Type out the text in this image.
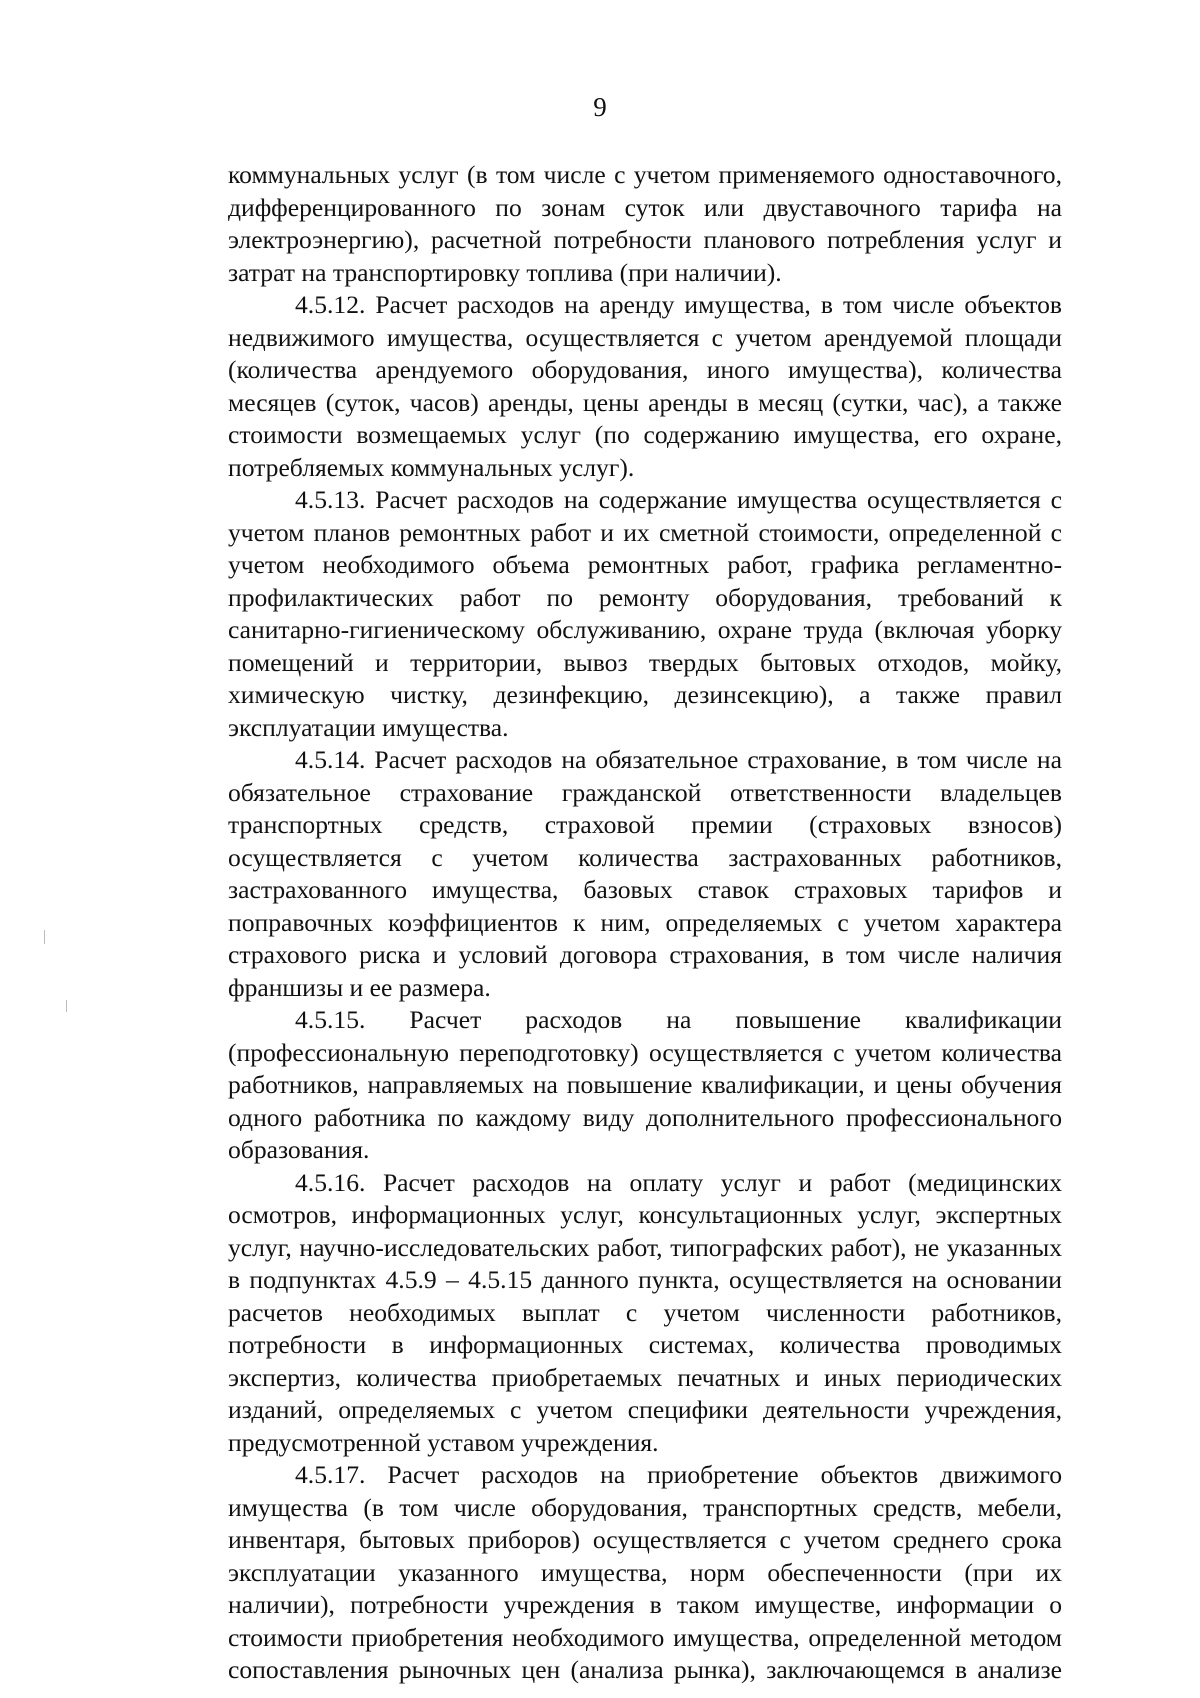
9

коммунальных услуг (в том числе с учетом применяемого одноставочного, дифференцированного по зонам суток или двуставочного тарифа на электроэнергию), расчетной потребности планового потребления услуг и затрат на транспортировку топлива (при наличии).

4.5.12. Расчет расходов на аренду имущества, в том числе объектов недвижимого имущества, осуществляется с учетом арендуемой площади (количества арендуемого оборудования, иного имущества), количества месяцев (суток, часов) аренды, цены аренды в месяц (сутки, час), а также стоимости возмещаемых услуг (по содержанию имущества, его охране, потребляемых коммунальных услуг).

4.5.13. Расчет расходов на содержание имущества осуществляется с учетом планов ремонтных работ и их сметной стоимости, определенной с учетом необходимого объема ремонтных работ, графика регламентно-профилактических работ по ремонту оборудования, требований к санитарно-гигиеническому обслуживанию, охране труда (включая уборку помещений и территории, вывоз твердых бытовых отходов, мойку, химическую чистку, дезинфекцию, дезинсекцию), а также правил эксплуатации имущества.

4.5.14. Расчет расходов на обязательное страхование, в том числе на обязательное страхование гражданской ответственности владельцев транспортных средств, страховой премии (страховых взносов) осуществляется с учетом количества застрахованных работников, застрахованного имущества, базовых ставок страховых тарифов и поправочных коэффициентов к ним, определяемых с учетом характера страхового риска и условий договора страхования, в том числе наличия франшизы и ее размера.

4.5.15. Расчет расходов на повышение квалификации (профессиональную переподготовку) осуществляется с учетом количества работников, направляемых на повышение квалификации, и цены обучения одного работника по каждому виду дополнительного профессионального образования.

4.5.16. Расчет расходов на оплату услуг и работ (медицинских осмотров, информационных услуг, консультационных услуг, экспертных услуг, научно-исследовательских работ, типографских работ), не указанных в подпунктах 4.5.9 – 4.5.15 данного пункта, осуществляется на основании расчетов необходимых выплат с учетом численности работников, потребности в информационных системах, количества проводимых экспертиз, количества приобретаемых печатных и иных периодических изданий, определяемых с учетом специфики деятельности учреждения, предусмотренной уставом учреждения.

4.5.17. Расчет расходов на приобретение объектов движимого имущества (в том числе оборудования, транспортных средств, мебели, инвентаря, бытовых приборов) осуществляется с учетом среднего срока эксплуатации указанного имущества, норм обеспеченности (при их наличии), потребности учреждения в таком имуществе, информации о стоимости приобретения необходимого имущества, определенной методом сопоставления рыночных цен (анализа рынка), заключающемся в анализе
